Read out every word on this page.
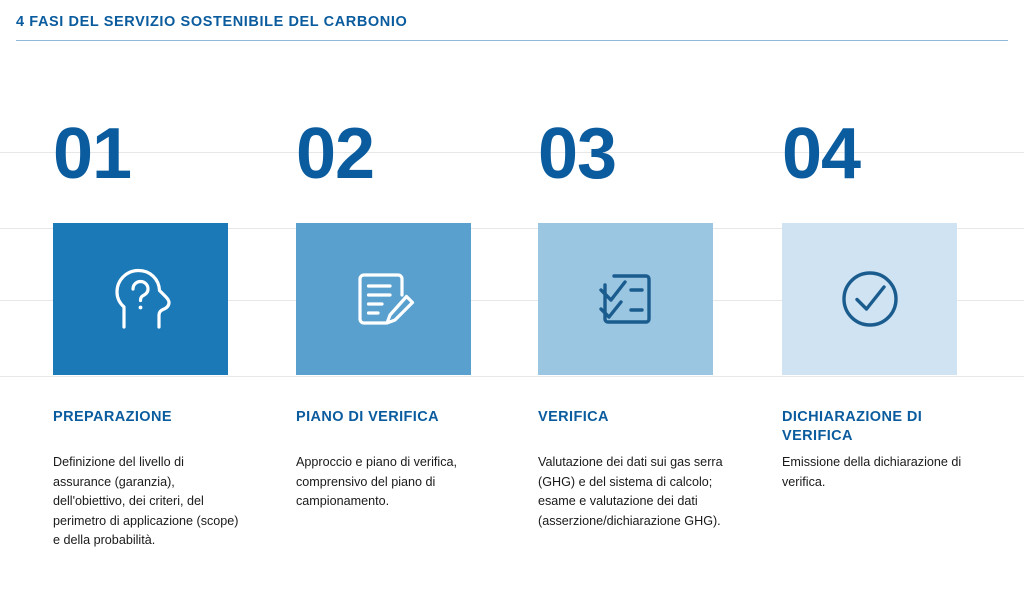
4 FASI DEL SERVIZIO SOSTENIBILE DEL CARBONIO
01
PREPARAZIONE
Definizione del livello di assurance (garanzia), dell'obiettivo, dei criteri, del perimetro di applicazione (scope) e della probabilità.
02
PIANO DI VERIFICA
Approccio e piano di verifica, comprensivo del piano di campionamento.
03
VERIFICA
Valutazione dei dati sui gas serra (GHG) e del sistema di calcolo; esame e valutazione dei dati (asserzione/dichiarazione GHG).
04
DICHIARAZIONE DI VERIFICA
Emissione della dichiarazione di verifica.
